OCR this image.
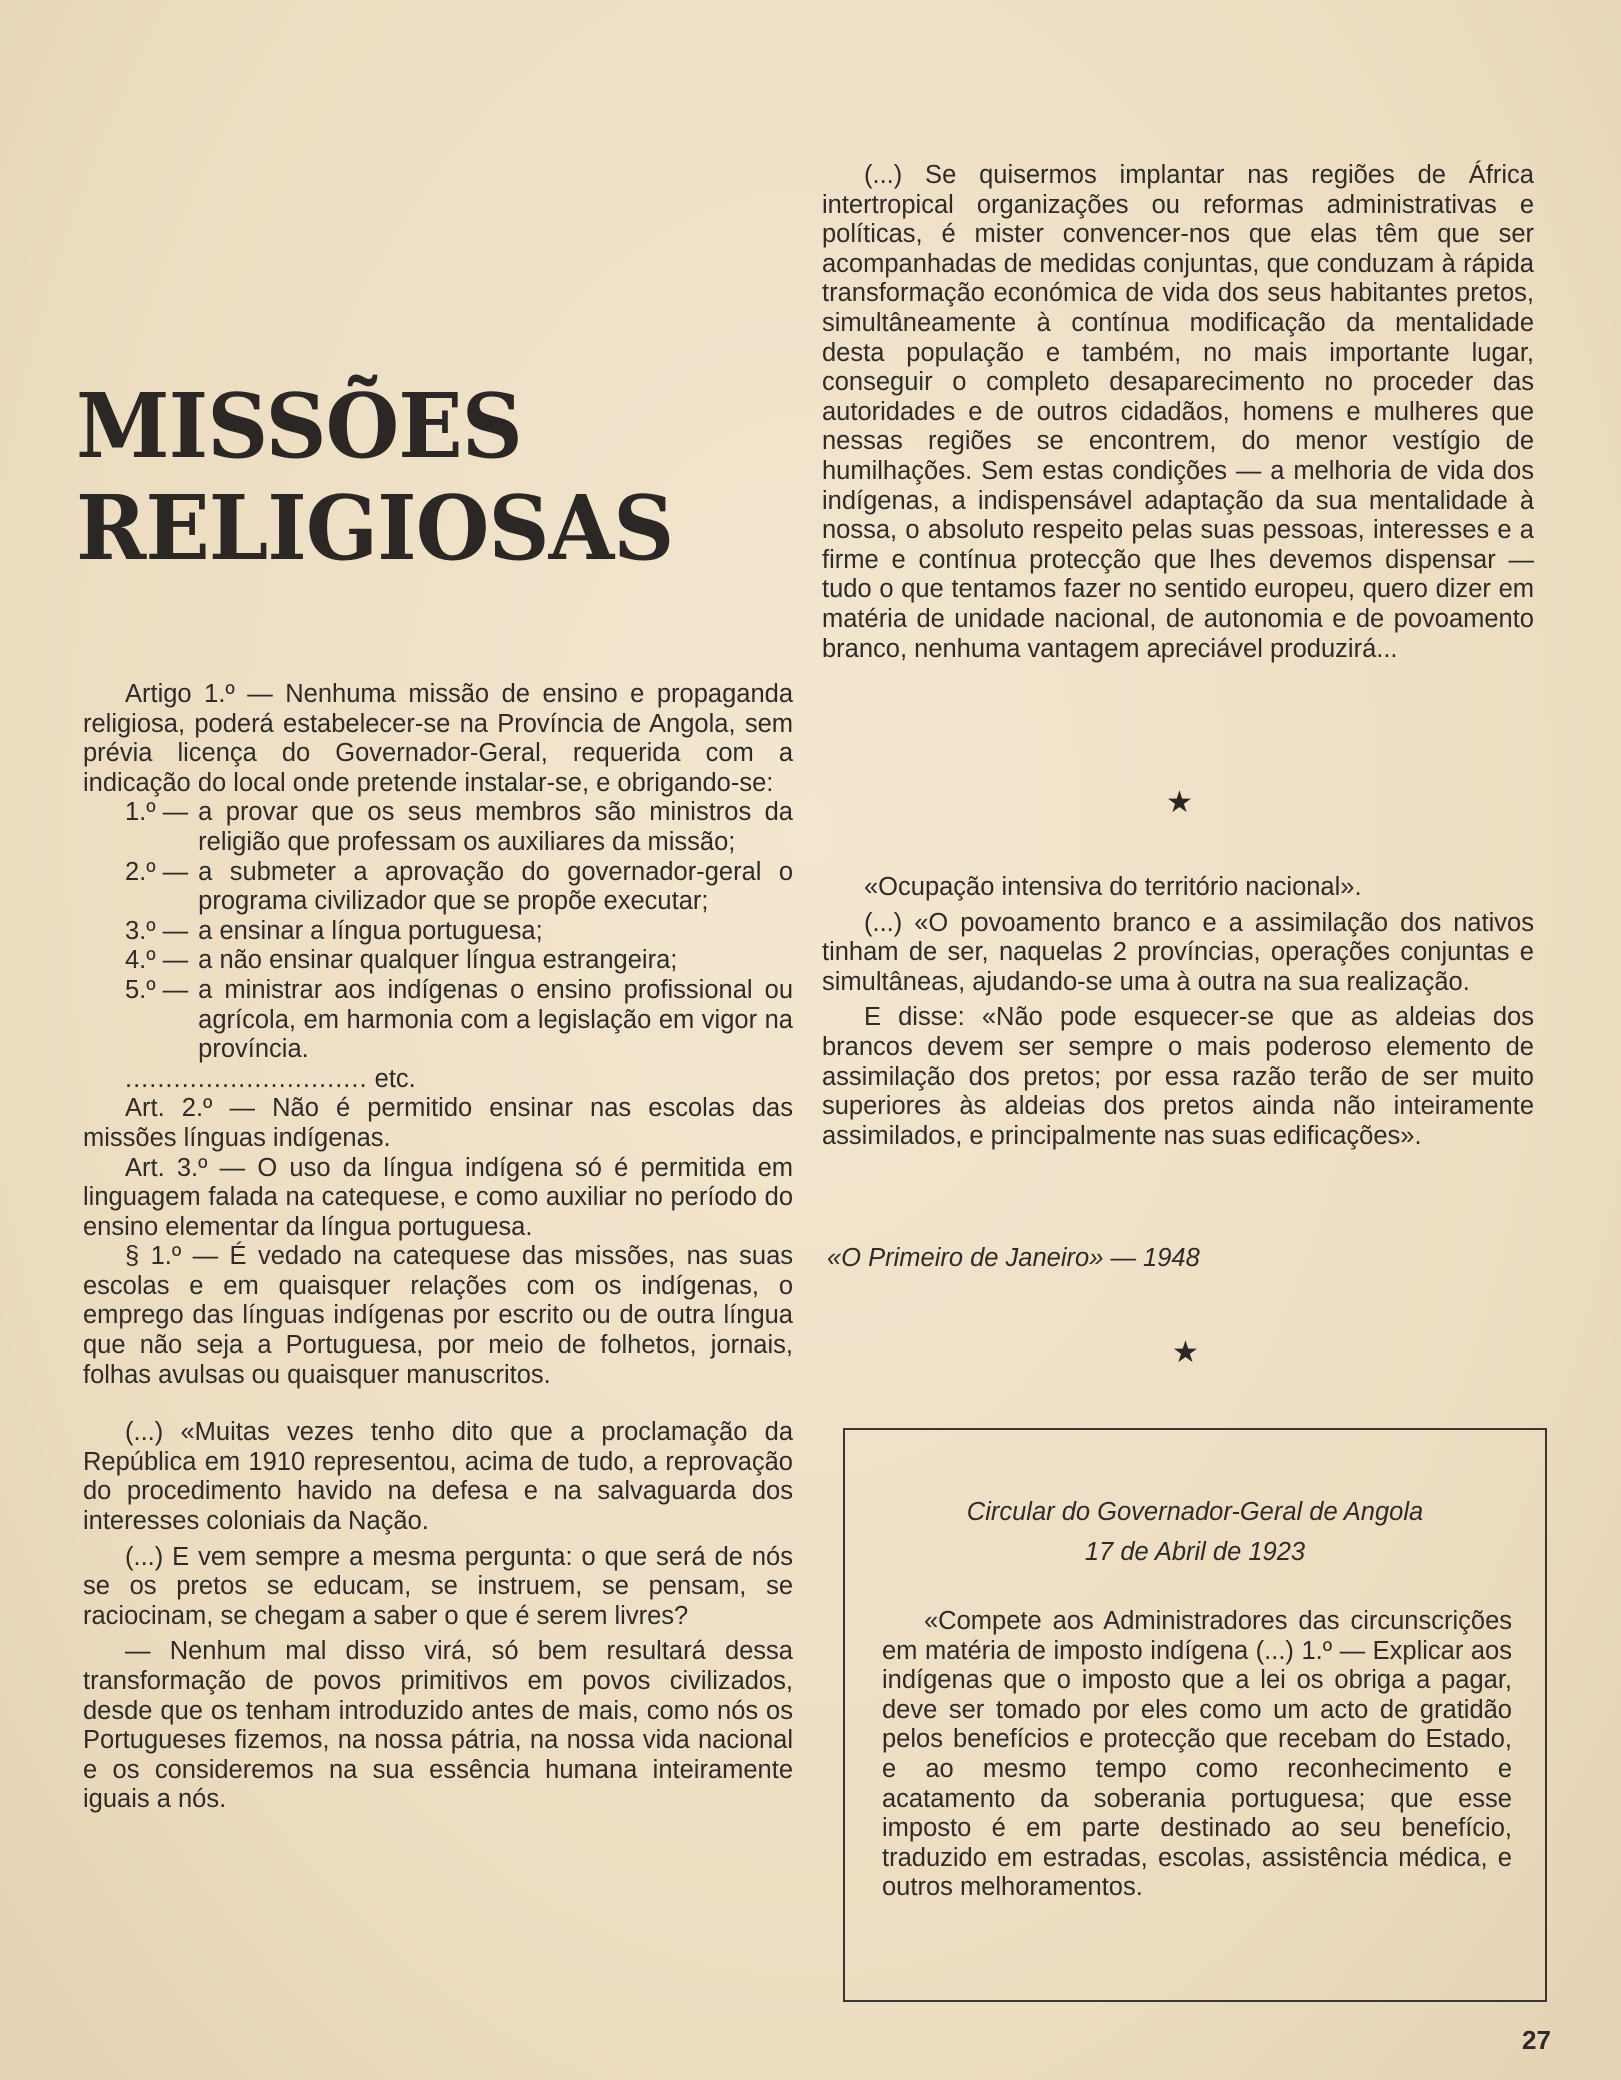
MISSÕES
RELIGIOSAS

Artigo 1.º — Nenhuma missão de ensino e propaganda religiosa, poderá estabelecer-se na Província de Angola, sem prévia licença do Governador-Geral, requerida com a indicação do local onde pretende instalar-se, e obrigando-se:

1.º — a provar que os seus membros são ministros da religião que professam os auxiliares da missão;
2.º — a submeter a aprovação do governador-geral o programa civilizador que se propõe executar;
3.º — a ensinar a língua portuguesa;
4.º — a não ensinar qualquer língua estrangeira;
5.º — a ministrar aos indígenas o ensino profissional ou agrícola, em harmonia com a legislação em vigor na província.
.............................. etc.

Art. 2.º — Não é permitido ensinar nas escolas das missões línguas indígenas.

Art. 3.º — O uso da língua indígena só é permitida em linguagem falada na catequese, e como auxiliar no período do ensino elementar da língua portuguesa.

§ 1.º — É vedado na catequese das missões, nas suas escolas e em quaisquer relações com os indígenas, o emprego das línguas indígenas por escrito ou de outra língua que não seja a Portuguesa, por meio de folhetos, jornais, folhas avulsas ou quaisquer manuscritos.

(...) «Muitas vezes tenho dito que a proclamação da República em 1910 representou, acima de tudo, a reprovação do procedimento havido na defesa e na salvaguarda dos interesses coloniais da Nação.

(...) E vem sempre a mesma pergunta: o que será de nós se os pretos se educam, se instruem, se pensam, se raciocinam, se chegam a saber o que é serem livres?

— Nenhum mal disso virá, só bem resultará dessa transformação de povos primitivos em povos civilizados, desde que os tenham introduzido antes de mais, como nós os Portugueses fizemos, na nossa pátria, na nossa vida nacional e os consideremos na sua essência humana inteiramente iguais a nós.

(...) Se quisermos implantar nas regiões de África intertropical organizações ou reformas administrativas e políticas, é mister convencer-nos que elas têm que ser acompanhadas de medidas conjuntas, que conduzam à rápida transformação económica de vida dos seus habitantes pretos, simultâneamente à contínua modificação da mentalidade desta população e também, no mais importante lugar, conseguir o completo desaparecimento no proceder das autoridades e de outros cidadãos, homens e mulheres que nessas regiões se encontrem, do menor vestígio de humilhações. Sem estas condições — a melhoria de vida dos indígenas, a indispensável adaptação da sua mentalidade à nossa, o absoluto respeito pelas suas pessoas, interesses e a firme e contínua protecção que lhes devemos dispensar — tudo o que tentamos fazer no sentido europeu, quero dizer em matéria de unidade nacional, de autonomia e de povoamento branco, nenhuma vantagem apreciável produzirá...

★

«Ocupação intensiva do território nacional».

(...) «O povoamento branco e a assimilação dos nativos tinham de ser, naquelas 2 províncias, operações conjuntas e simultâneas, ajudando-se uma à outra na sua realização.

E disse: «Não pode esquecer-se que as aldeias dos brancos devem ser sempre o mais poderoso elemento de assimilação dos pretos; por essa razão terão de ser muito superiores às aldeias dos pretos ainda não inteiramente assimilados, e principalmente nas suas edificações».

«O Primeiro de Janeiro» — 1948
★
Circular do Governador-Geral de Angola
17 de Abril de 1923

«Compete aos Administradores das circunscrições em matéria de imposto indígena (...) 1.º — Explicar aos indígenas que o imposto que a lei os obriga a pagar, deve ser tomado por eles como um acto de gratidão pelos benefícios e protecção que recebam do Estado, e ao mesmo tempo como reconhecimento e acatamento da soberania portuguesa; que esse imposto é em parte destinado ao seu benefício, traduzido em estradas, escolas, assistência médica, e outros melhoramentos.

27
